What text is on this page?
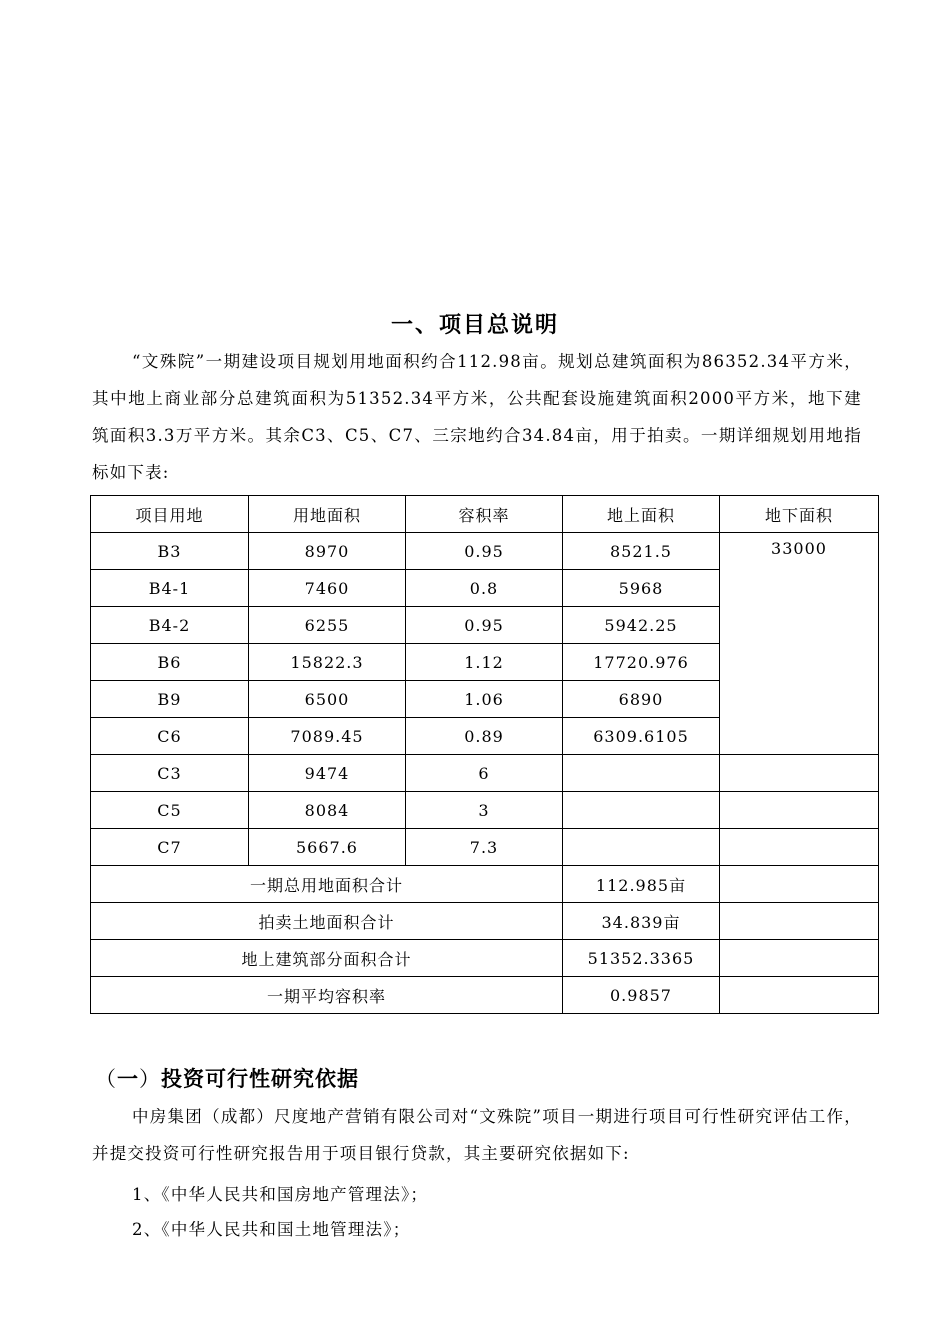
一、项目总说明

“文殊院”一期建设项目规划用地面积约合112.98亩。规划总建筑面积为86352.34平方米，其中地上商业部分总建筑面积为51352.34平方米，公共配套设施建筑面积2000平方米，地下建筑面积3.3万平方米。其余C3、C5、C7、三宗地约合34.84亩，用于拍卖。一期详细规划用地指标如下表:

项目用地	用地面积	容积率	地上面积	地下面积
B3	8970	0.95	8521.5	33000
B4-1	7460	0.8	5968	
B4-2	6255	0.95	5942.25	
B6	15822.3	1.12	17720.976	
B9	6500	1.06	6890	
C6	7089.45	0.89	6309.6105	
C3	9474	6		
C5	8084	3		
C7	5667.6	7.3		
一期总用地面积合计			112.985亩	
拍卖土地面积合计			34.839亩	
地上建筑部分面积合计			51352.3365	
一期平均容积率			0.9857	
（一）投资可行性研究依据

中房集团（成都）尺度地产营销有限公司对“文殊院”项目一期进行项目可行性研究评估工作，并提交投资可行性研究报告用于项目银行贷款，其主要研究依据如下:

1、《中华人民共和国房地产管理法》；
2、《中华人民共和国土地管理法》；
